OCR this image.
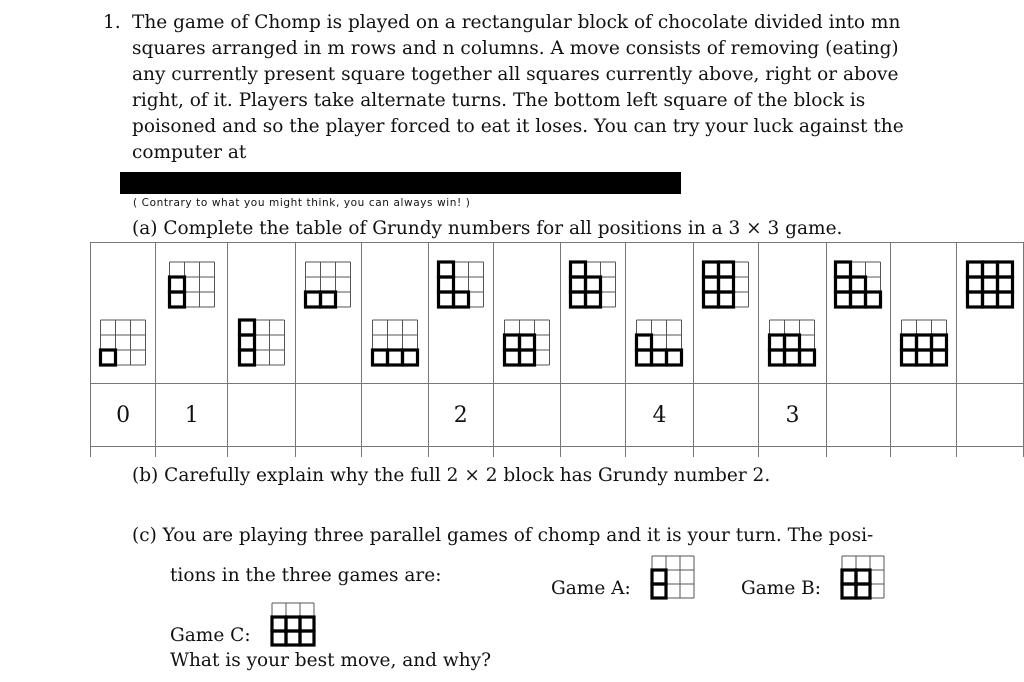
1. The game of Chomp is played on a rectangular block of chocolate divided into mn
squares arranged in m rows and n columns. A move consists of removing (eating)
any currently present square together all squares currently above, right or above
right, of it. Players take alternate turns. The bottom left square of the block is
poisoned and so the player forced to eat it loses. You can try your luck against the
computer at
( Contrary to what you might think, you can always win! )
(a) Complete the table of Grundy numbers for all positions in a 3 × 3 game.

0	1				2			4		3			

(b) Carefully explain why the full 2 × 2 block has Grundy number 2.
(c) You are playing three parallel games of chomp and it is your turn. The posi-
tions in the three games are:
Game A:	Game B:
Game C:
What is your best move, and why?
